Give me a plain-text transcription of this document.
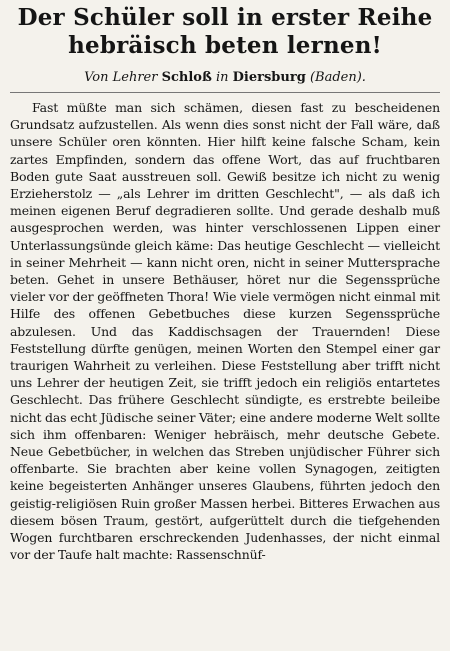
Der Schüler soll in erster Reihe
hebräisch beten lernen!
Von Lehrer Schloß in Diersburg (Baden).

Fast müßte man sich schämen, diesen fast zu bescheidenen Grundsatz aufzustellen. Als wenn dies sonst nicht der Fall wäre, daß unsere Schüler oren könnten. Hier hilft keine falsche Scham, kein zartes Empfinden, sondern das offene Wort, das auf fruchtbaren Boden gute Saat ausstreuen soll. Gewiß besitze ich nicht zu wenig Erzieherstolz — „als Lehrer im dritten Geschlecht", — als daß ich meinen eigenen Beruf degradieren sollte. Und gerade deshalb muß ausgesprochen werden, was hinter verschlossenen Lippen einer Unterlassungsünde gleich käme: Das heutige Geschlecht — vielleicht in seiner Mehrheit — kann nicht oren, nicht in seiner Muttersprache beten. Gehet in unsere Bethäuser, höret nur die Segenssprüche vieler vor der geöffneten Thora! Wie viele vermögen nicht einmal mit Hilfe des offenen Gebetbuches diese kurzen Segenssprüche abzulesen. Und das Kaddischsagen der Trauernden! Diese Feststellung dürfte genügen, meinen Worten den Stempel einer gar traurigen Wahrheit zu verleihen. Diese Feststellung aber trifft nicht uns Lehrer der heutigen Zeit, sie trifft jedoch ein religiös entartetes Geschlecht. Das frühere Geschlecht sündigte, es erstrebte beileibe nicht das echt Jüdische seiner Väter; eine andere moderne Welt sollte sich ihm offenbaren: Weniger hebräisch, mehr deutsche Gebete. Neue Gebetbücher, in welchen das Streben unjüdischer Führer sich offenbarte. Sie brachten aber keine vollen Synagogen, zeitigten keine begeisterten Anhänger unseres Glaubens, führten jedoch den geistig-religiösen Ruin großer Massen herbei. Bitteres Erwachen aus diesem bösen Traum, gestört, aufgerüttelt durch die tiefgehenden Wogen furchtbaren erschreckenden Judenhasses, der nicht einmal vor der Taufe halt machte: Rassenschnüf-
